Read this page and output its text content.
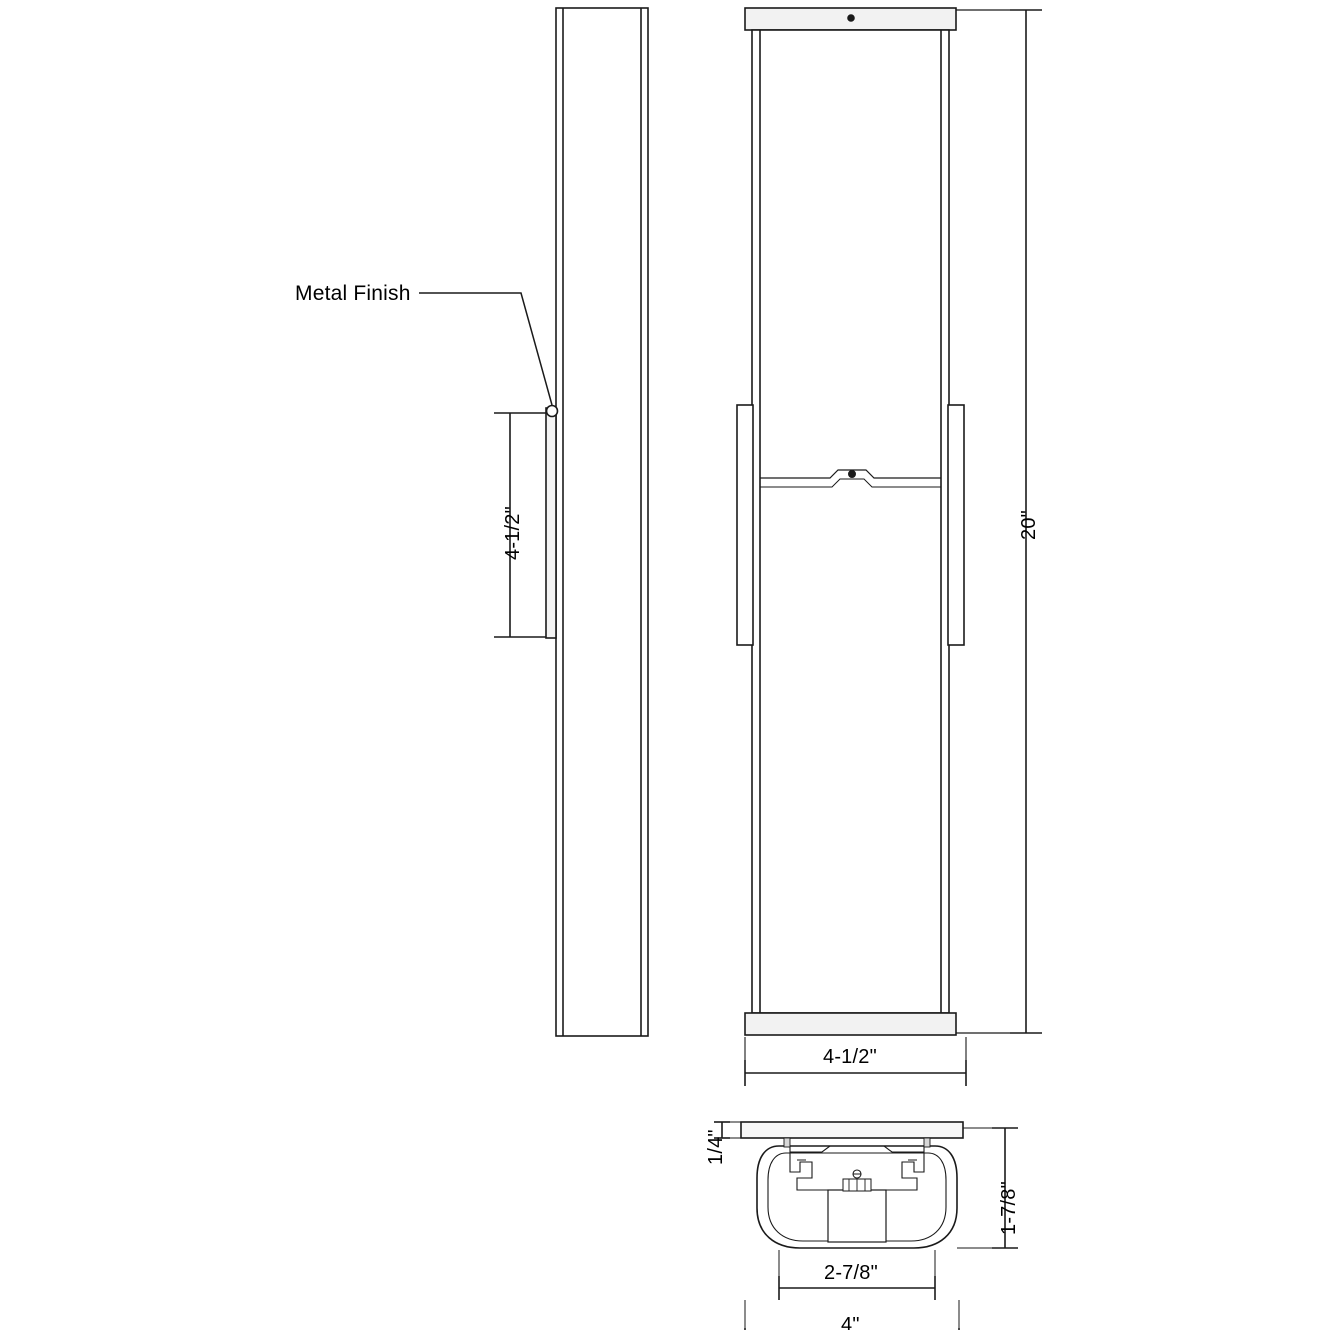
Metal Finish
4-1/2"	20"
4-1/2"
1/4"
1-7/8"
2-7/8"
4"
